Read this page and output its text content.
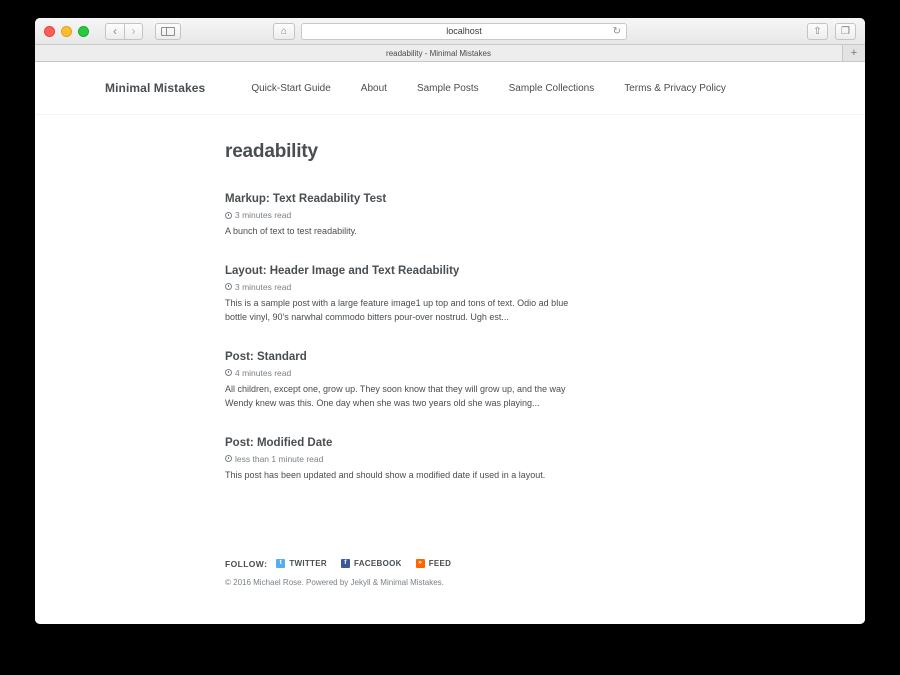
‹	›	⌂	localhost	↻	⇧	❐
readability - Minimal Mistakes	+
Minimal Mistakes	Quick-Start Guide	About	Sample Posts	Sample Collections	Terms & Privacy Policy
readability
Markup: Text Readability Test
3 minutes read

A bunch of text to test readability.

Layout: Header Image and Text Readability
3 minutes read

This is a sample post with a large feature image1 up top and tons of text. Odio ad blue bottle vinyl, 90's narwhal commodo bitters pour-over nostrud. Ugh est...

Post: Standard
4 minutes read

All children, except one, grow up. They soon know that they will grow up, and the way Wendy knew was this. One day when she was two years old she was playing...

Post: Modified Date
less than 1 minute read

This post has been updated and should show a modified date if used in a layout.

FOLLOW:	t TWITTER	f FACEBOOK	» FEED
© 2016 Michael Rose. Powered by Jekyll & Minimal Mistakes.
